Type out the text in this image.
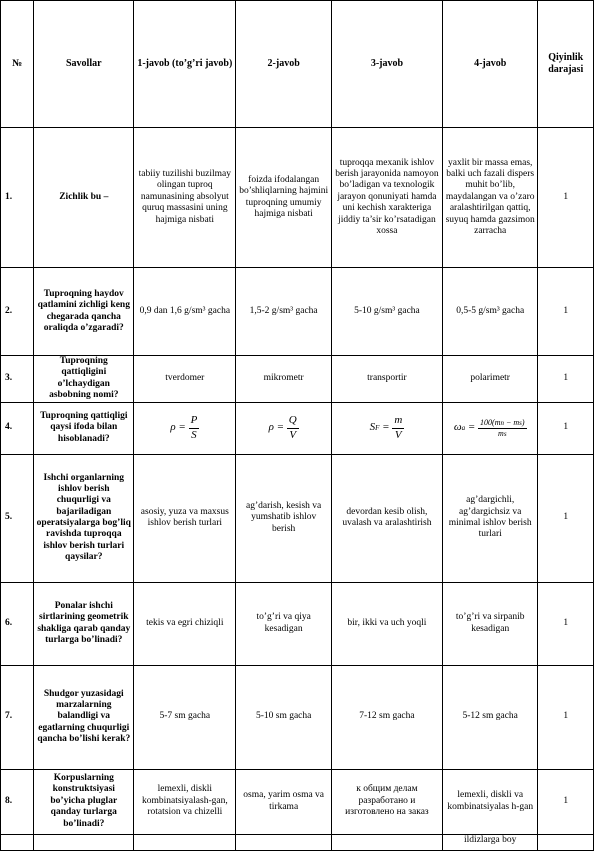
№	Savollar	1-javob (to’g’ri javob)	2-javob	3-javob	4-javob	Qiyinlik darajasi
1.	Zichlik bu –	tabiiy tuzilishi buzilmay olingan tuproq namunasining absolyut quruq massasini uning hajmiga nisbati	foizda ifodalangan bo’shliqlarning hajmini tuproqning umumiy hajmiga nisbati	tuproqqa mexanik ishlov berish jarayonida namoyon bo’ladigan va texnologik jarayon qonuniyati hamda uni kechish xarakteriga jiddiy ta’sir ko’rsatadigan xossa	yaxlit bir massa emas, balki uch fazali dispers muhit bo’lib, maydalangan va o’zaro aralashtirilgan qattiq, suyuq hamda gazsimon zarracha	1
2.	Tuproqning haydov qatlamini zichligi keng chegarada qancha oraliqda o’zgaradi?	0,9 dan 1,6 g/sm³ gacha	1,5-2 g/sm³ gacha	5-10 g/sm³ gacha	0,5-5 g/sm³ gacha	1
3.	Tuproqning qattiqligini o’lchaydigan asbobning nomi?	tverdomer	mikrometr	transportir	polarimetr	1
4.	Tuproqning qattiqligi qaysi ifoda bilan hisoblanadi?	$\rho = \frac{P}{S}$	$\rho = \frac{Q}{V}$	SF = $\frac{m}{V}$	$\omega a = \frac{100(mn - ms)}{ms}$	1
5.	Ishchi organlarning ishlov berish chuqurligi va bajariladigan operatsiyalarga bog’liq ravishda tuproqqa ishlov berish turlari qaysilar?	asosiy, yuza va maxsus ishlov berish turlari	ag’darish, kesish va yumshatib ishlov berish	devordan kesib olish, uvalash va aralashtirish	ag’dargichli, ag’dargichsiz va minimal ishlov berish turlari	1
6.	Ponalar ishchi sirtlarining geometrik shakliga qarab qanday turlarga bo’linadi?	tekis va egri chiziqli	to’g’ri va qiya kesadigan	bir, ikki va uch yoqli	to’g’ri va sirpanib kesadigan	1
7.	Shudgor yuzasidagi marzalarning balandligi va egatlarning chuqurligi qancha bo’lishi kerak?	5-7 sm gacha	5-10 sm gacha	7-12 sm gacha	5-12 sm gacha	1
8.	Korpuslarning konstruktsiyasi bo’yicha pluglar qanday turlarga bo’linadi?	lemexli, diskli kombinatsiyalash-gan, rotatsion va chizelli	osma, yarim osma va tirkama	к общим делам разработано и изготовлено на заказ	lemexli, diskli va kombinatsiyalas h-gan	1
					ildizlarga boy	
